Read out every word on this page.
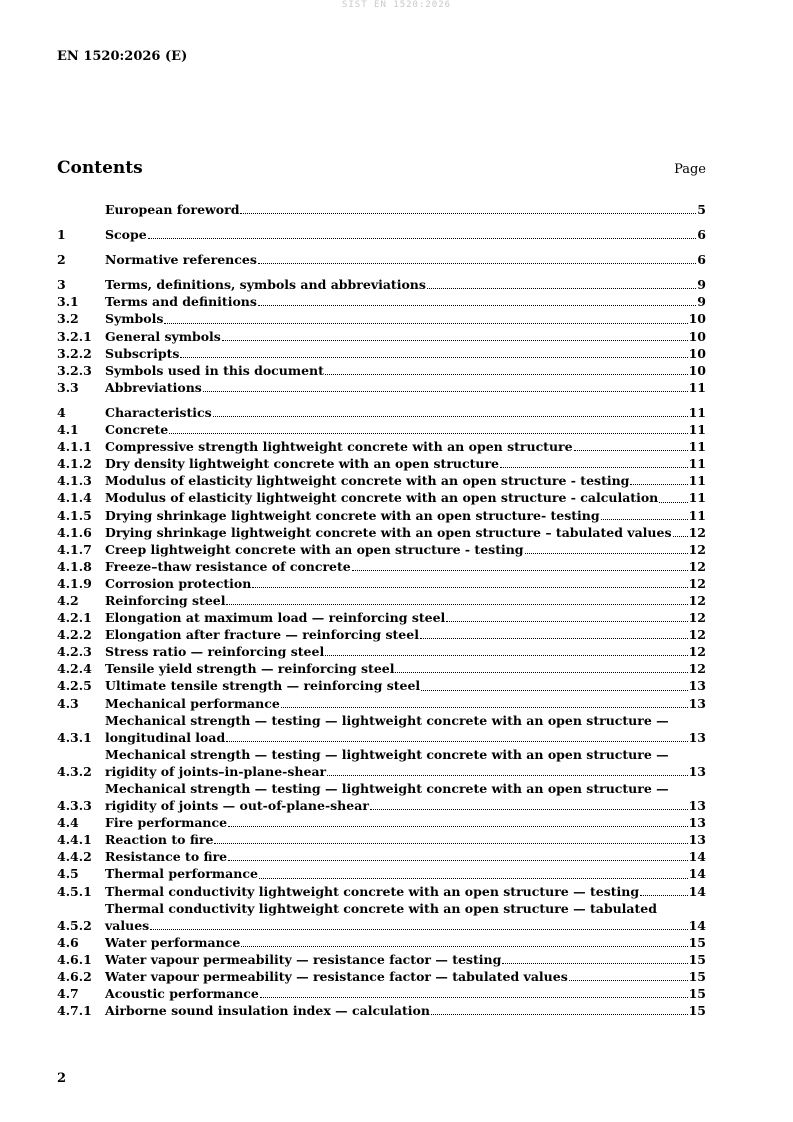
SIST EN 1520:2026
EN 1520:2026 (E)
Contents	Page
European foreword	5
1	Scope	6
2	Normative references	6
3	Terms, definitions, symbols and abbreviations	9
3.1	Terms and definitions	9
3.2	Symbols	10
3.2.1	General symbols	10
3.2.2	Subscripts	10
3.2.3	Symbols used in this document	10
3.3	Abbreviations	11
4	Characteristics	11
4.1	Concrete	11
4.1.1	Compressive strength lightweight concrete with an open structure	11
4.1.2	Dry density lightweight concrete with an open structure	11
4.1.3	Modulus of elasticity lightweight concrete with an open structure - testing	11
4.1.4	Modulus of elasticity lightweight concrete with an open structure - calculation 11
4.1.5	Drying shrinkage lightweight concrete with an open structure- testing	11
4.1.6	Drying shrinkage lightweight concrete with an open structure – tabulated values 12
4.1.7	Creep lightweight concrete with an open structure - testing	12
4.1.8	Freeze–thaw resistance of concrete	12
4.1.9	Corrosion protection	12
4.2	Reinforcing steel	12
4.2.1	Elongation at maximum load — reinforcing steel	12
4.2.2	Elongation after fracture — reinforcing steel	12
4.2.3	Stress ratio — reinforcing steel	12
4.2.4	Tensile yield strength — reinforcing steel	12
4.2.5	Ultimate tensile strength — reinforcing steel	13
4.3	Mechanical performance	13
4.3.1
Mechanical strength — testing — lightweight concrete with an open structure —
longitudinal load	13
4.3.2
Mechanical strength — testing — lightweight concrete with an open structure —
rigidity of joints–in-plane-shear	13
4.3.3
Mechanical strength — testing — lightweight concrete with an open structure —
rigidity of joints — out-of-plane-shear	13
4.4	Fire performance	13
4.4.1	Reaction to fire	13
4.4.2	Resistance to fire	14
4.5	Thermal performance	14
4.5.1	Thermal conductivity lightweight concrete with an open structure — testing	14
4.5.2
Thermal conductivity lightweight concrete with an open structure — tabulated
values	14
4.6	Water performance	15
4.6.1	Water vapour permeability — resistance factor — testing	15
4.6.2	Water vapour permeability — resistance factor — tabulated values	15
4.7	Acoustic performance	15
4.7.1	Airborne sound insulation index — calculation	15
2
